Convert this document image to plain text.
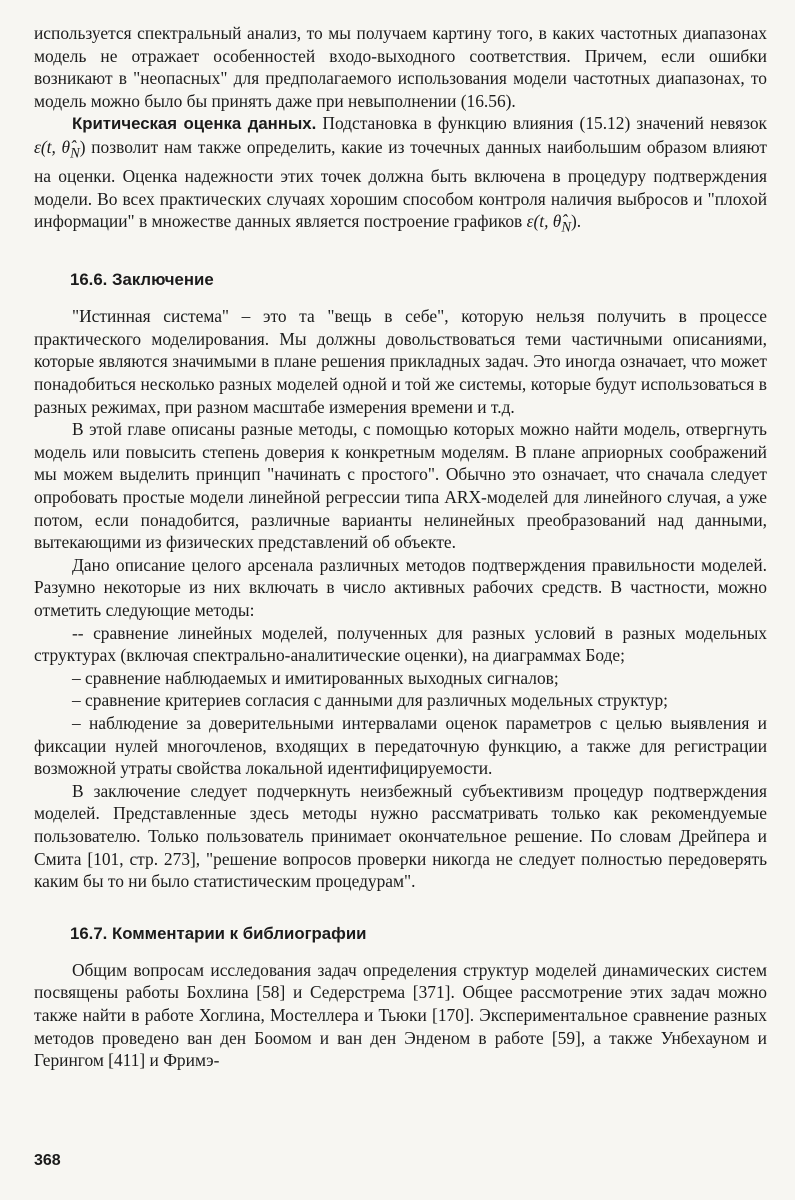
используется спектральный анализ, то мы получаем картину того, в каких частотных диапазонах модель не отражает особенностей входо-выходного соответствия. Причем, если ошибки возникают в "неопасных" для предполагаемого использования модели частотных диапазонах, то модель можно было бы принять даже при невыполнении (16.56).

Критическая оценка данных. Подстановка в функцию влияния (15.12) значений невязок ε(t, $\thetâ_N$) позволит нам также определить, какие из точечных данных наибольшим образом влияют на оценки. Оценка надежности этих точек должна быть включена в процедуру подтверждения модели. Во всех практических случаях хорошим способом контроля наличия выбросов и "плохой информации" в множестве данных является построение графиков ε(t, $\thetâ_N$).

16.6. Заключение

"Истинная система" – это та "вещь в себе", которую нельзя получить в процессе практического моделирования. Мы должны довольствоваться теми частичными описаниями, которые являются значимыми в плане решения прикладных задач. Это иногда означает, что может понадобиться несколько разных моделей одной и той же системы, которые будут использоваться в разных режимах, при разном масштабе измерения времени и т.д.

В этой главе описаны разные методы, с помощью которых можно найти модель, отвергнуть модель или повысить степень доверия к конкретным моделям. В плане априорных соображений мы можем выделить принцип "начинать с простого". Обычно это означает, что сначала следует опробовать простые модели линейной регрессии типа ARX-моделей для линейного случая, а уже потом, если понадобится, различные варианты нелинейных преобразований над данными, вытекающими из физических представлений об объекте.

Дано описание целого арсенала различных методов подтверждения правильности моделей. Разумно некоторые из них включать в число активных рабочих средств. В частности, можно отметить следующие методы:

-- сравнение линейных моделей, полученных для разных условий в разных модельных структурах (включая спектрально-аналитические оценки), на диаграммах Боде;

– сравнение наблюдаемых и имитированных выходных сигналов;

– сравнение критериев согласия с данными для различных модельных структур;

– наблюдение за доверительными интервалами оценок параметров с целью выявления и фиксации нулей многочленов, входящих в передаточную функцию, а также для регистрации возможной утраты свойства локальной идентифицируемости.

В заключение следует подчеркнуть неизбежный субъективизм процедур подтверждения моделей. Представленные здесь методы нужно рассматривать только как рекомендуемые пользователю. Только пользователь принимает окончательное решение. По словам Дрейпера и Смита [101, стр. 273], "решение вопросов проверки никогда не следует полностью передоверять каким бы то ни было статистическим процедурам".

16.7. Комментарии к библиографии

Общим вопросам исследования задач определения структур моделей динамических систем посвящены работы Бохлина [58] и Седерстрема [371]. Общее рассмотрение этих задач можно также найти в работе Хоглина, Мостеллера и Тьюки [170]. Экспериментальное сравнение разных методов проведено ван ден Боомом и ван ден Энденом в работе [59], а также Унбехауном и Герингом [411] и Фримэ-

368
